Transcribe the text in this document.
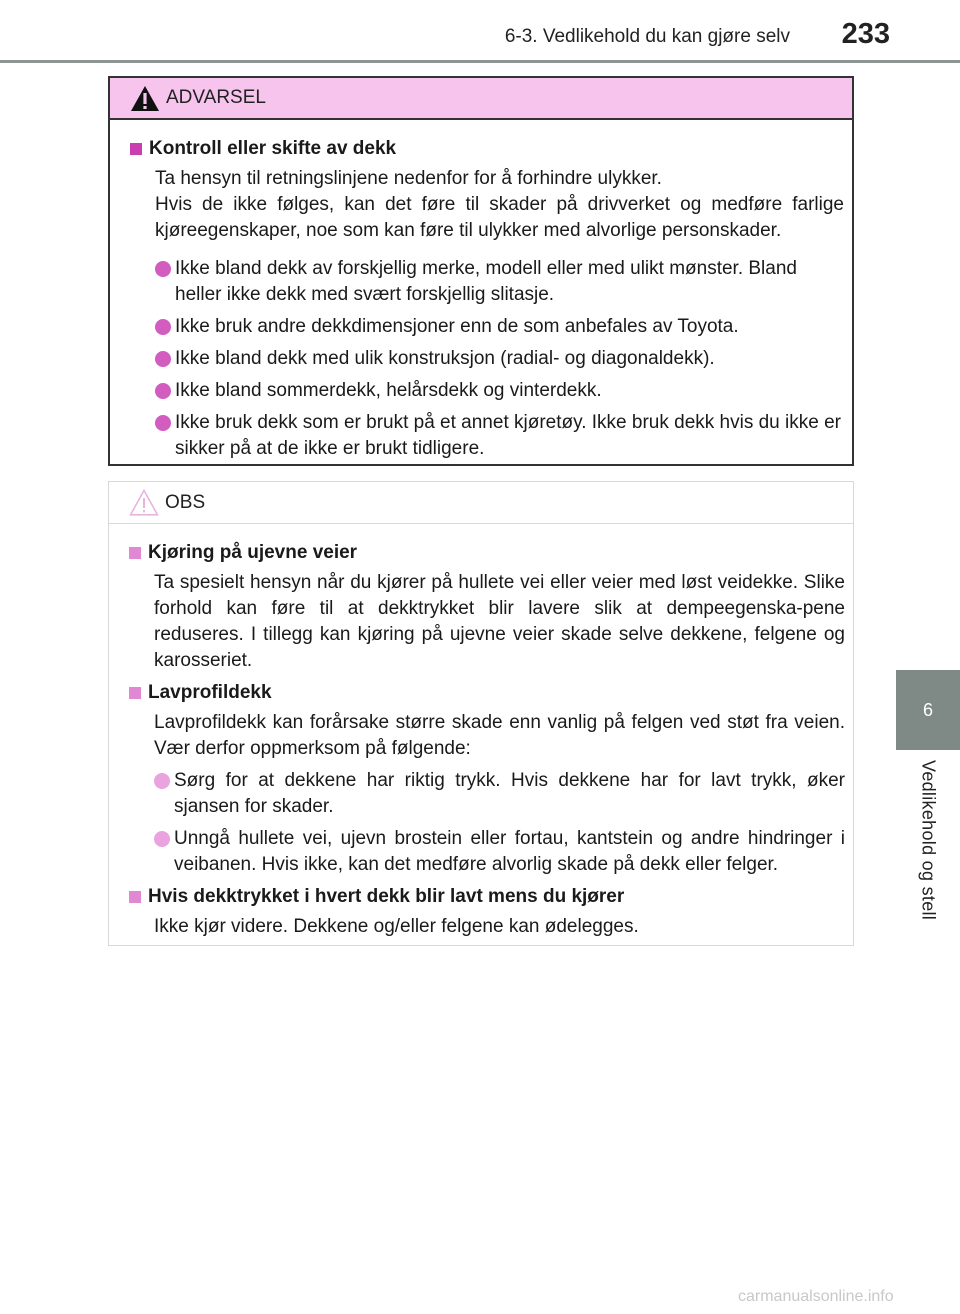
6-3. Vedlikehold du kan gjøre selv	233
6
Vedlikehold og stell
ADVARSEL
Kontroll eller skifte av dekk
Ta hensyn til retningslinjene nedenfor for å forhindre ulykker.
Hvis de ikke følges, kan det føre til skader på drivverket og medføre farlige kjøreegenskaper, noe som kan føre til ulykker med alvorlige personskader.
Ikke bland dekk av forskjellig merke, modell eller med ulikt mønster. Bland heller ikke dekk med svært forskjellig slitasje.
Ikke bruk andre dekkdimensjoner enn de som anbefales av Toyota.
Ikke bland dekk med ulik konstruksjon (radial- og diagonaldekk).
Ikke bland sommerdekk, helårsdekk og vinterdekk.
Ikke bruk dekk som er brukt på et annet kjøretøy. Ikke bruk dekk hvis du ikke er sikker på at de ikke er brukt tidligere.
OBS
Kjøring på ujevne veier
Ta spesielt hensyn når du kjører på hullete vei eller veier med løst veidekke. Slike forhold kan føre til at dekktrykket blir lavere slik at dempeegenska-pene reduseres. I tillegg kan kjøring på ujevne veier skade selve dekkene, felgene og karosseriet.
Lavprofildekk
Lavprofildekk kan forårsake større skade enn vanlig på felgen ved støt fra veien. Vær derfor oppmerksom på følgende:
Sørg for at dekkene har riktig trykk. Hvis dekkene har for lavt trykk, øker sjansen for skader.
Unngå hullete vei, ujevn brostein eller fortau, kantstein og andre hindringer i veibanen. Hvis ikke, kan det medføre alvorlig skade på dekk eller felger.
Hvis dekktrykket i hvert dekk blir lavt mens du kjører
Ikke kjør videre. Dekkene og/eller felgene kan ødelegges.
carmanualsonline.info
